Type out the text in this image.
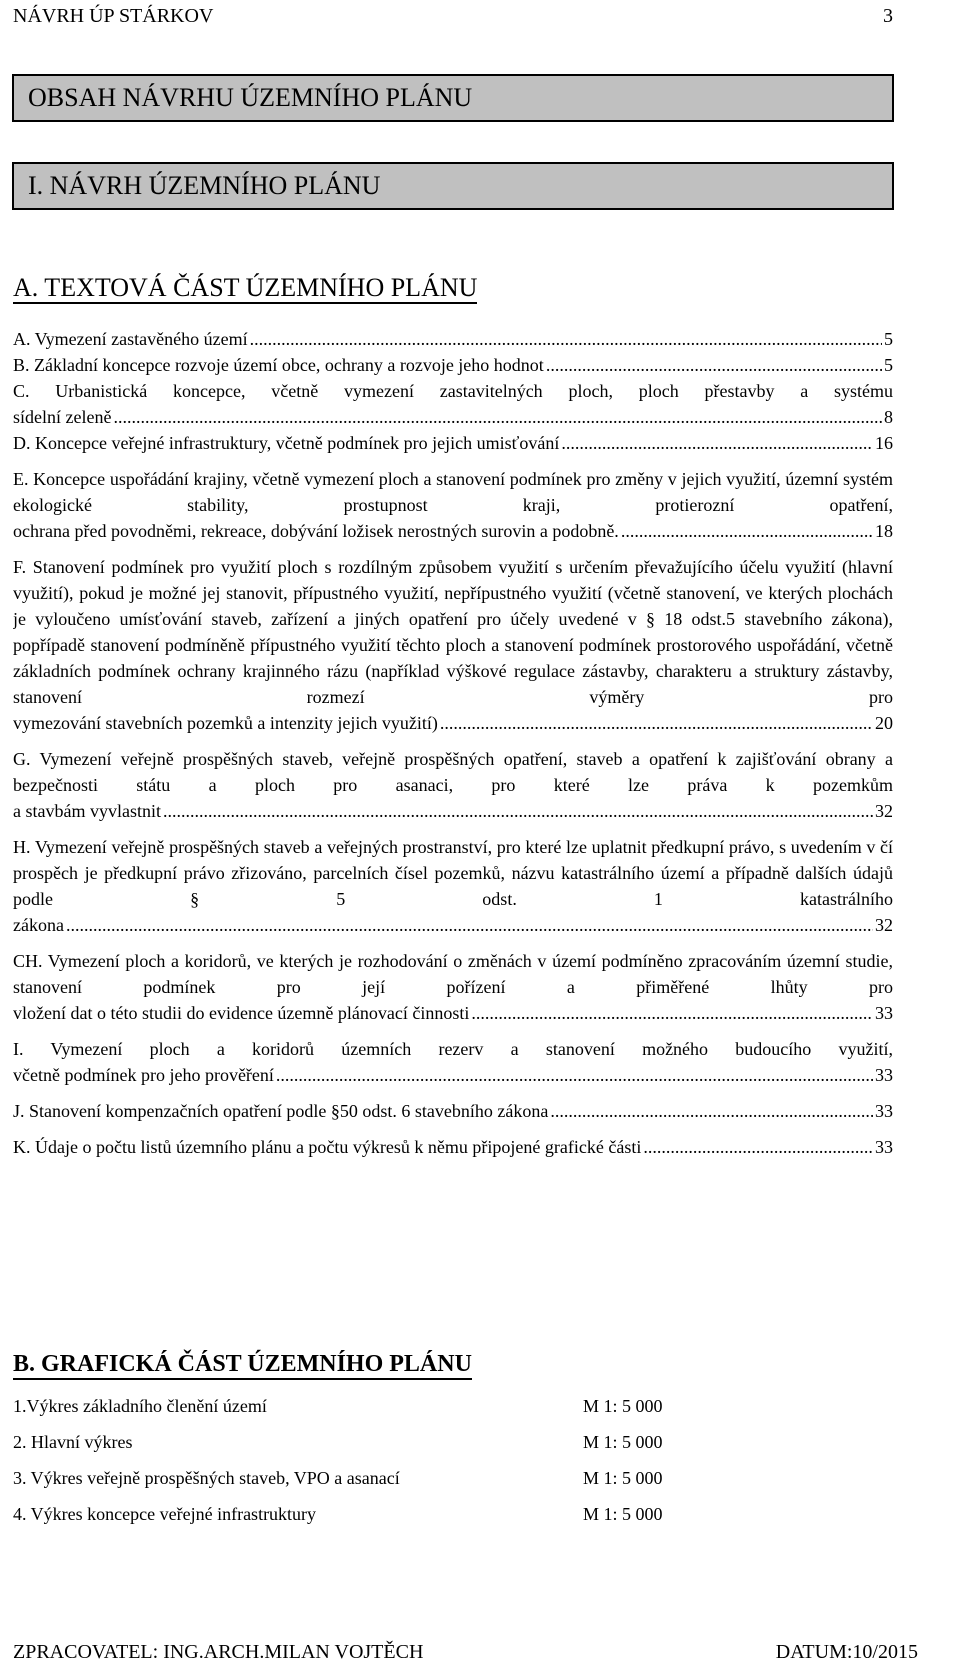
NÁVRH ÚP STÁRKOV	3
OBSAH NÁVRHU ÚZEMNÍHO PLÁNU
I. NÁVRH ÚZEMNÍHO PLÁNU
A. TEXTOVÁ ČÁST ÚZEMNÍHO PLÁNU
A. Vymezení zastavěného území .....	5
B. Základní koncepce rozvoje území obce, ochrany a rozvoje jeho hodnot .....	5
C. Urbanistická koncepce, včetně vymezení zastavitelných ploch, ploch přestavby a systému
sídelní zeleně .....	8
D. Koncepce veřejné infrastruktury, včetně podmínek pro jejich umisťování .....	16
E. Koncepce uspořádání krajiny, včetně vymezení ploch a stanovení podmínek pro změny v jejich využití, územní systém ekologické stability, prostupnost kraji, protierozní opatření,
ochrana před povodněmi, rekreace, dobývání ložisek nerostných surovin a podobně. .....	18
F. Stanovení podmínek pro využití ploch s rozdílným způsobem využití s určením převažujícího účelu využití (hlavní využití), pokud je možné jej stanovit, přípustného využití, nepřípustného využití (včetně stanovení, ve kterých plochách je vyloučeno umísťování staveb, zařízení a jiných opatření pro účely uvedené v § 18 odst.5 stavebního zákona), popřípadě stanovení podmíněně přípustného využití těchto ploch a stanovení podmínek prostorového uspořádání, včetně základních podmínek ochrany krajinného rázu (například výškové regulace zástavby, charakteru a struktury zástavby, stanovení rozmezí výměry pro
vymezování stavebních pozemků a intenzity jejich využití) .....	20
G. Vymezení veřejně prospěšných staveb, veřejně prospěšných opatření, staveb a opatření k zajišťování obrany a bezpečnosti státu a ploch pro asanaci, pro které lze práva k pozemkům
a stavbám vyvlastnit .....	32
H. Vymezení veřejně prospěšných staveb a veřejných prostranství, pro které lze uplatnit předkupní právo, s uvedením v čí prospěch je předkupní právo zřizováno, parcelních čísel pozemků, názvu katastrálního území a případně dalších údajů podle § 5 odst. 1 katastrálního
zákona .....	32
CH. Vymezení ploch a koridorů, ve kterých je rozhodování o změnách v území podmíněno zpracováním územní studie, stanovení podmínek pro její pořízení a přiměřené lhůty pro
vložení dat o této studii do evidence územně plánovací činnosti .....	33
I. Vymezení ploch a koridorů územních rezerv a stanovení možného budoucího využití,
včetně podmínek pro jeho prověření .....	33
J. Stanovení kompenzačních opatření podle §50 odst. 6 stavebního zákona .....	33
K. Údaje o počtu listů územního plánu a počtu výkresů k němu připojené grafické části .....	33
B. GRAFICKÁ ČÁST ÚZEMNÍHO PLÁNU
1.Výkres základního členění území	M 1: 5 000
2. Hlavní výkres	M 1: 5 000
3. Výkres veřejně prospěšných staveb, VPO a asanací	M 1: 5 000
4. Výkres koncepce veřejné infrastruktury	M 1: 5 000
ZPRACOVATEL: ING.ARCH.MILAN VOJTĚCH	DATUM:10/2015
